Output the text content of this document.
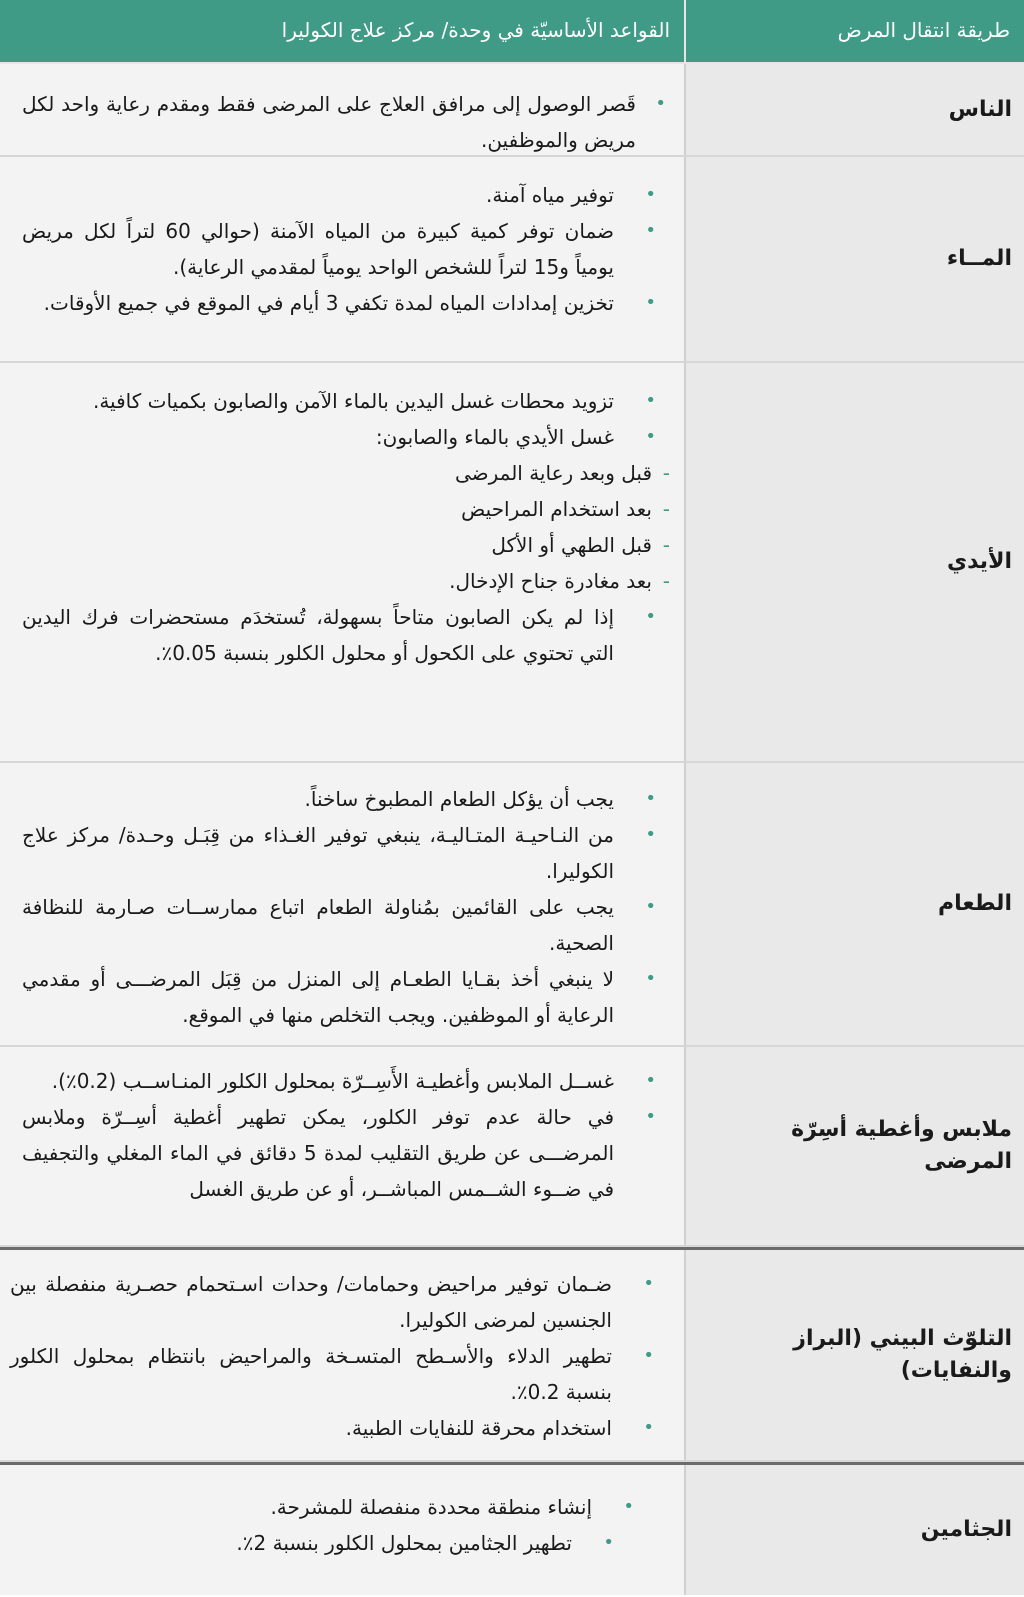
طريقة انتقال المرض
القواعد الأساسيّة في وحدة/ مركز علاج الكوليرا
الناس
• قَصر الوصول إلى مرافق العلاج على المرضى فقط ومقدم رعاية واحد لكل مريض والموظفين.
المــاء
• توفير مياه آمنة.
• ضمان توفر كمية كبيرة من المياه الآمنة (حوالي 60 لتراً لكل مريض يومياً و15 لتراً للشخص الواحد يومياً لمقدمي الرعاية).
• تخزين إمدادات المياه لمدة تكفي 3 أيام في الموقع في جميع الأوقات.
الأيدي
• تزويد محطات غسل اليدين بالماء الآمن والصابون بكميات كافية.
• غسل الأيدي بالماء والصابون:
- قبل وبعد رعاية المرضى
- بعد استخدام المراحيض
- قبل الطهي أو الأكل
- بعد مغادرة جناح الإدخال.
• إذا لم يكن الصابون متاحاً بسهولة، تُستخدَم مستحضرات فرك اليدين التي تحتوي على الكحول أو محلول الكلور بنسبة 0.05٪.
الطعام
• يجب أن يؤكل الطعام المطبوخ ساخناً.
• من النـاحيـة المتـاليـة، ينبغي توفير الغـذاء من قِبَـل وحـدة/ مركز علاج الكوليرا.
• يجب على القائمين بمُناولة الطعام اتباع ممارســات صـارمة للنظافة الصحية.
• لا ينبغي أخذ بقـايا الطعـام إلى المنزل من قِبَل المرضـــى أو مقدمي الرعاية أو الموظفين. ويجب التخلص منها في الموقع.
ملابس وأغطية أسِرّة المرضى
• غســل الملابس وأغطيـة الأَسِــرّة بمحلول الكلور المنـاســب (0.2٪).
• في حالة عدم توفر الكلور، يمكن تطهير أغطية أسِــرّة وملابس المرضـــى عن طريق التقليب لمدة 5 دقائق في الماء المغلي والتجفيف في ضــوء الشــمس المباشــر، أو عن طريق الغسل
التلوّث البيني (البراز والنفايات)
• ضـمان توفير مراحيض وحمامات/ وحدات اسـتحمام حصـرية منفصلة بين الجنسين لمرضى الكوليرا.
• تطهير الدلاء والأسـطح المتسـخة والمراحيض بانتظام بمحلول الكلور بنسبة 0.2٪.
• استخدام محرقة للنفايات الطبية.
الجثامين
• إنشاء منطقة محددة منفصلة للمشرحة.
• تطهير الجثامين بمحلول الكلور بنسبة 2٪.
